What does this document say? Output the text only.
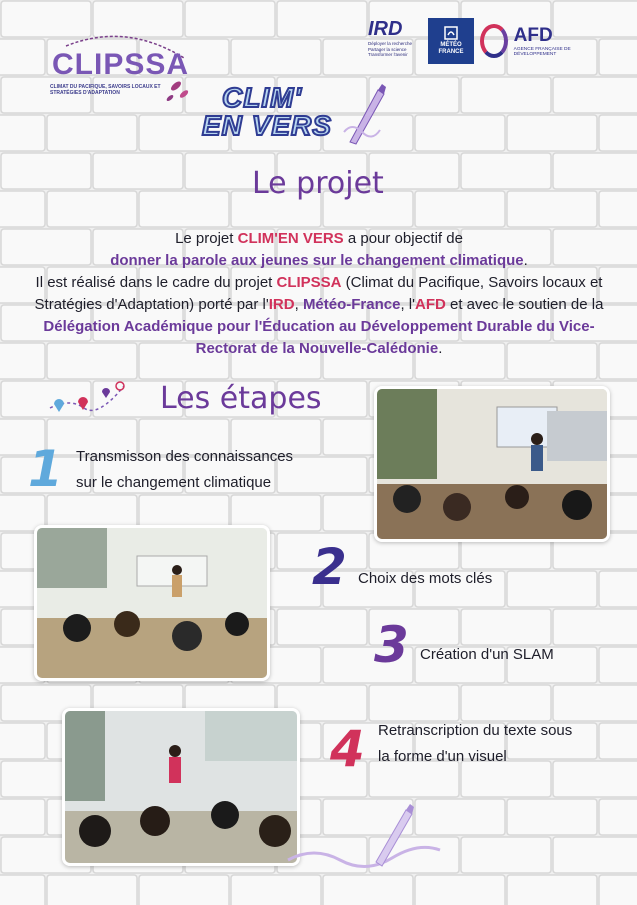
CLIPSSA
CLIMAT DU PACIFIQUE, SAVOIRS LOCAUX ET STRATÉGIES D'ADAPTATION
IRD
Déployer la recherche Partager la science Transformer l'avenir
MÉTÉO FRANCE
AFD
AGENCE FRANÇAISE DE DÉVELOPPEMENT
CLIM'
EN VERS
Le projet
Le projet CLIM'EN VERS a pour objectif de
donner la parole aux jeunes sur le changement climatique.
Il est réalisé dans le cadre du projet CLIPSSA (Climat du Pacifique, Savoirs locaux et Stratégies d'Adaptation) porté par l'IRD, Météo-France, l'AFD et avec le soutien de la Délégation Académique pour l'Éducation au Développement Durable du Vice-Rectorat de la Nouvelle-Calédonie.
Les étapes
1 Transmisson des connaissances
sur le changement climatique
2 Choix des mots clés
3 Création d'un SLAM
4 Retranscription du texte sous
la forme d'un visuel
